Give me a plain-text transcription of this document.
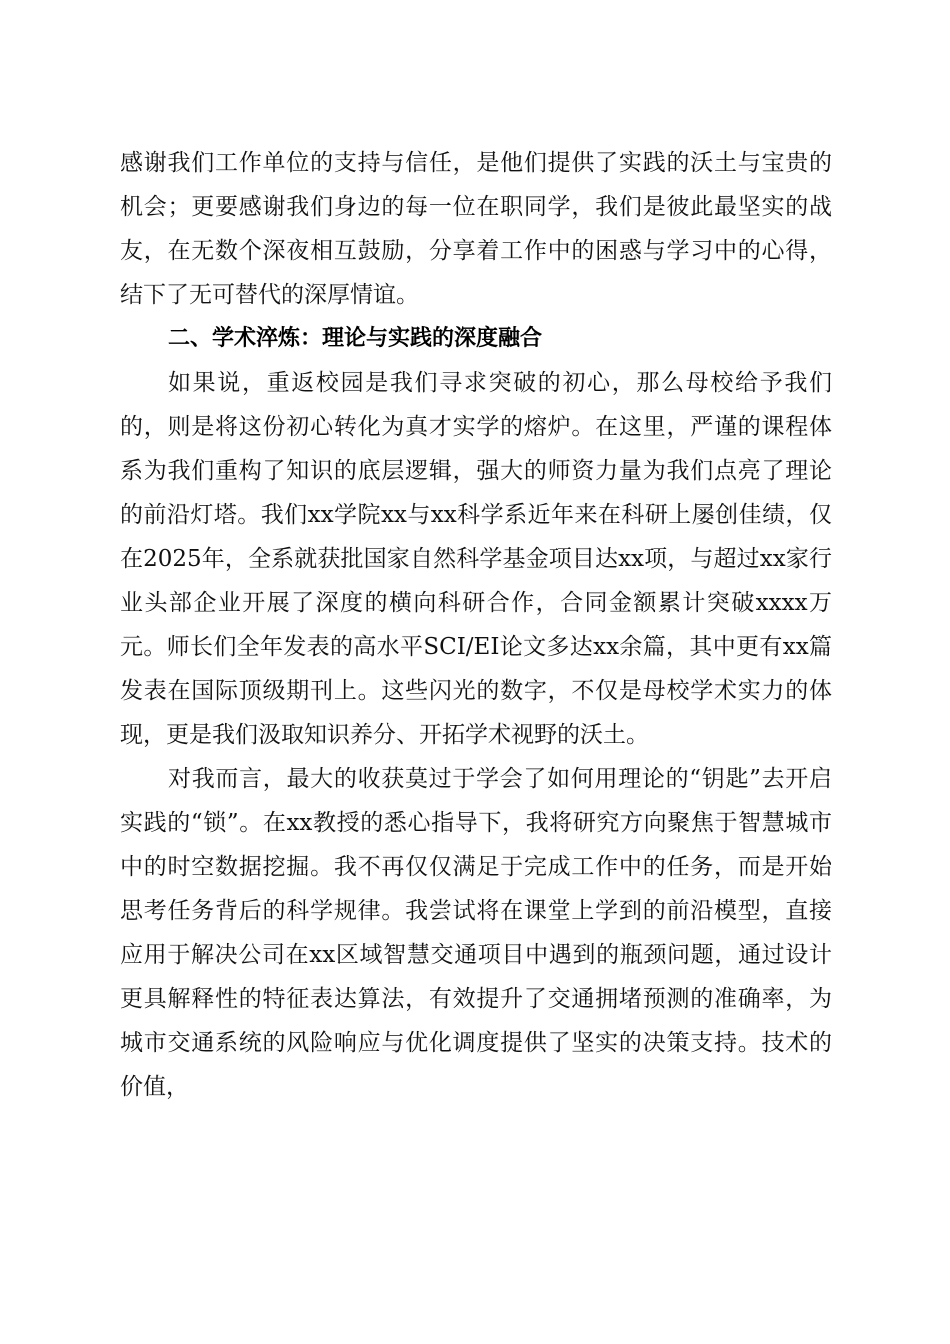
感谢我们工作单位的支持与信任，是他们提供了实践的沃土与宝贵的机会；更要感谢我们身边的每一位在职同学，我们是彼此最坚实的战友，在无数个深夜相互鼓励，分享着工作中的困惑与学习中的心得，结下了无可替代的深厚情谊。

二、学术淬炼：理论与实践的深度融合

如果说，重返校园是我们寻求突破的初心，那么母校给予我们的，则是将这份初心转化为真才实学的熔炉。在这里，严谨的课程体系为我们重构了知识的底层逻辑，强大的师资力量为我们点亮了理论的前沿灯塔。我们xx学院xx与xx科学系近年来在科研上屡创佳绩，仅在2025年，全系就获批国家自然科学基金项目达xx项，与超过xx家行业头部企业开展了深度的横向科研合作，合同金额累计突破xxxx万元。师长们全年发表的高水平SCI/EI论文多达xx余篇，其中更有xx篇发表在国际顶级期刊上。这些闪光的数字，不仅是母校学术实力的体现，更是我们汲取知识养分、开拓学术视野的沃土。

对我而言，最大的收获莫过于学会了如何用理论的“钥匙”去开启实践的“锁”。在xx教授的悉心指导下，我将研究方向聚焦于智慧城市中的时空数据挖掘。我不再仅仅满足于完成工作中的任务，而是开始思考任务背后的科学规律。我尝试将在课堂上学到的前沿模型，直接应用于解决公司在xx区域智慧交通项目中遇到的瓶颈问题，通过设计更具解释性的特征表达算法，有效提升了交通拥堵预测的准确率，为城市交通系统的风险响应与优化调度提供了坚实的决策支持。技术的价值，
